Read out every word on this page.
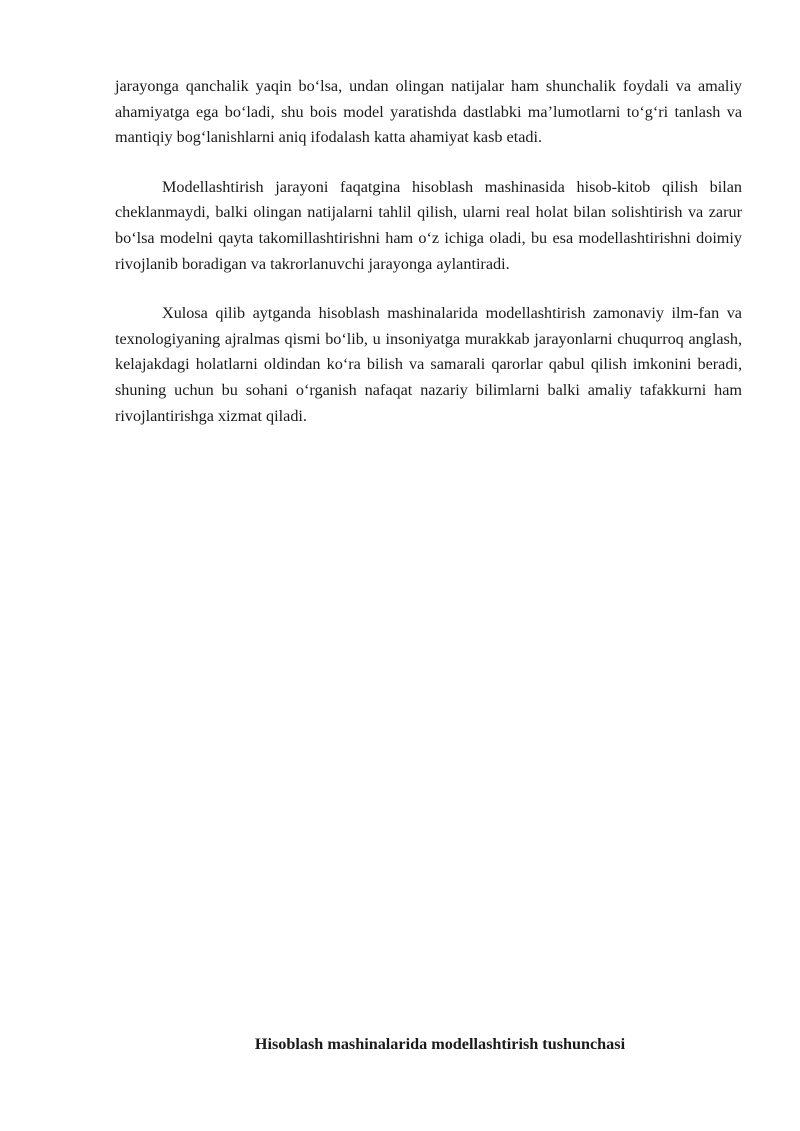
jarayonga qanchalik yaqin bo‘lsa, undan olingan natijalar ham shunchalik foydali va amaliy ahamiyatga ega bo‘ladi, shu bois model yaratishda dastlabki ma’lumotlarni to‘g‘ri tanlash va mantiqiy bog‘lanishlarni aniq ifodalash katta ahamiyat kasb etadi.

Modellashtirish jarayoni faqatgina hisoblash mashinasida hisob-kitob qilish bilan cheklanmaydi, balki olingan natijalarni tahlil qilish, ularni real holat bilan solishtirish va zarur bo‘lsa modelni qayta takomillashtirishni ham o‘z ichiga oladi, bu esa modellashtirishni doimiy rivojlanib boradigan va takrorlanuvchi jarayonga aylantiradi.

Xulosa qilib aytganda hisoblash mashinalarida modellashtirish zamonaviy ilm-fan va texnologiyaning ajralmas qismi bo‘lib, u insoniyatga murakkab jarayonlarni chuqurroq anglash, kelajakdagi holatlarni oldindan ko‘ra bilish va samarali qarorlar qabul qilish imkonini beradi, shuning uchun bu sohani o‘rganish nafaqat nazariy bilimlarni balki amaliy tafakkurni ham rivojlantirishga xizmat qiladi.

Hisoblash mashinalarida modellashtirish tushunchasi
